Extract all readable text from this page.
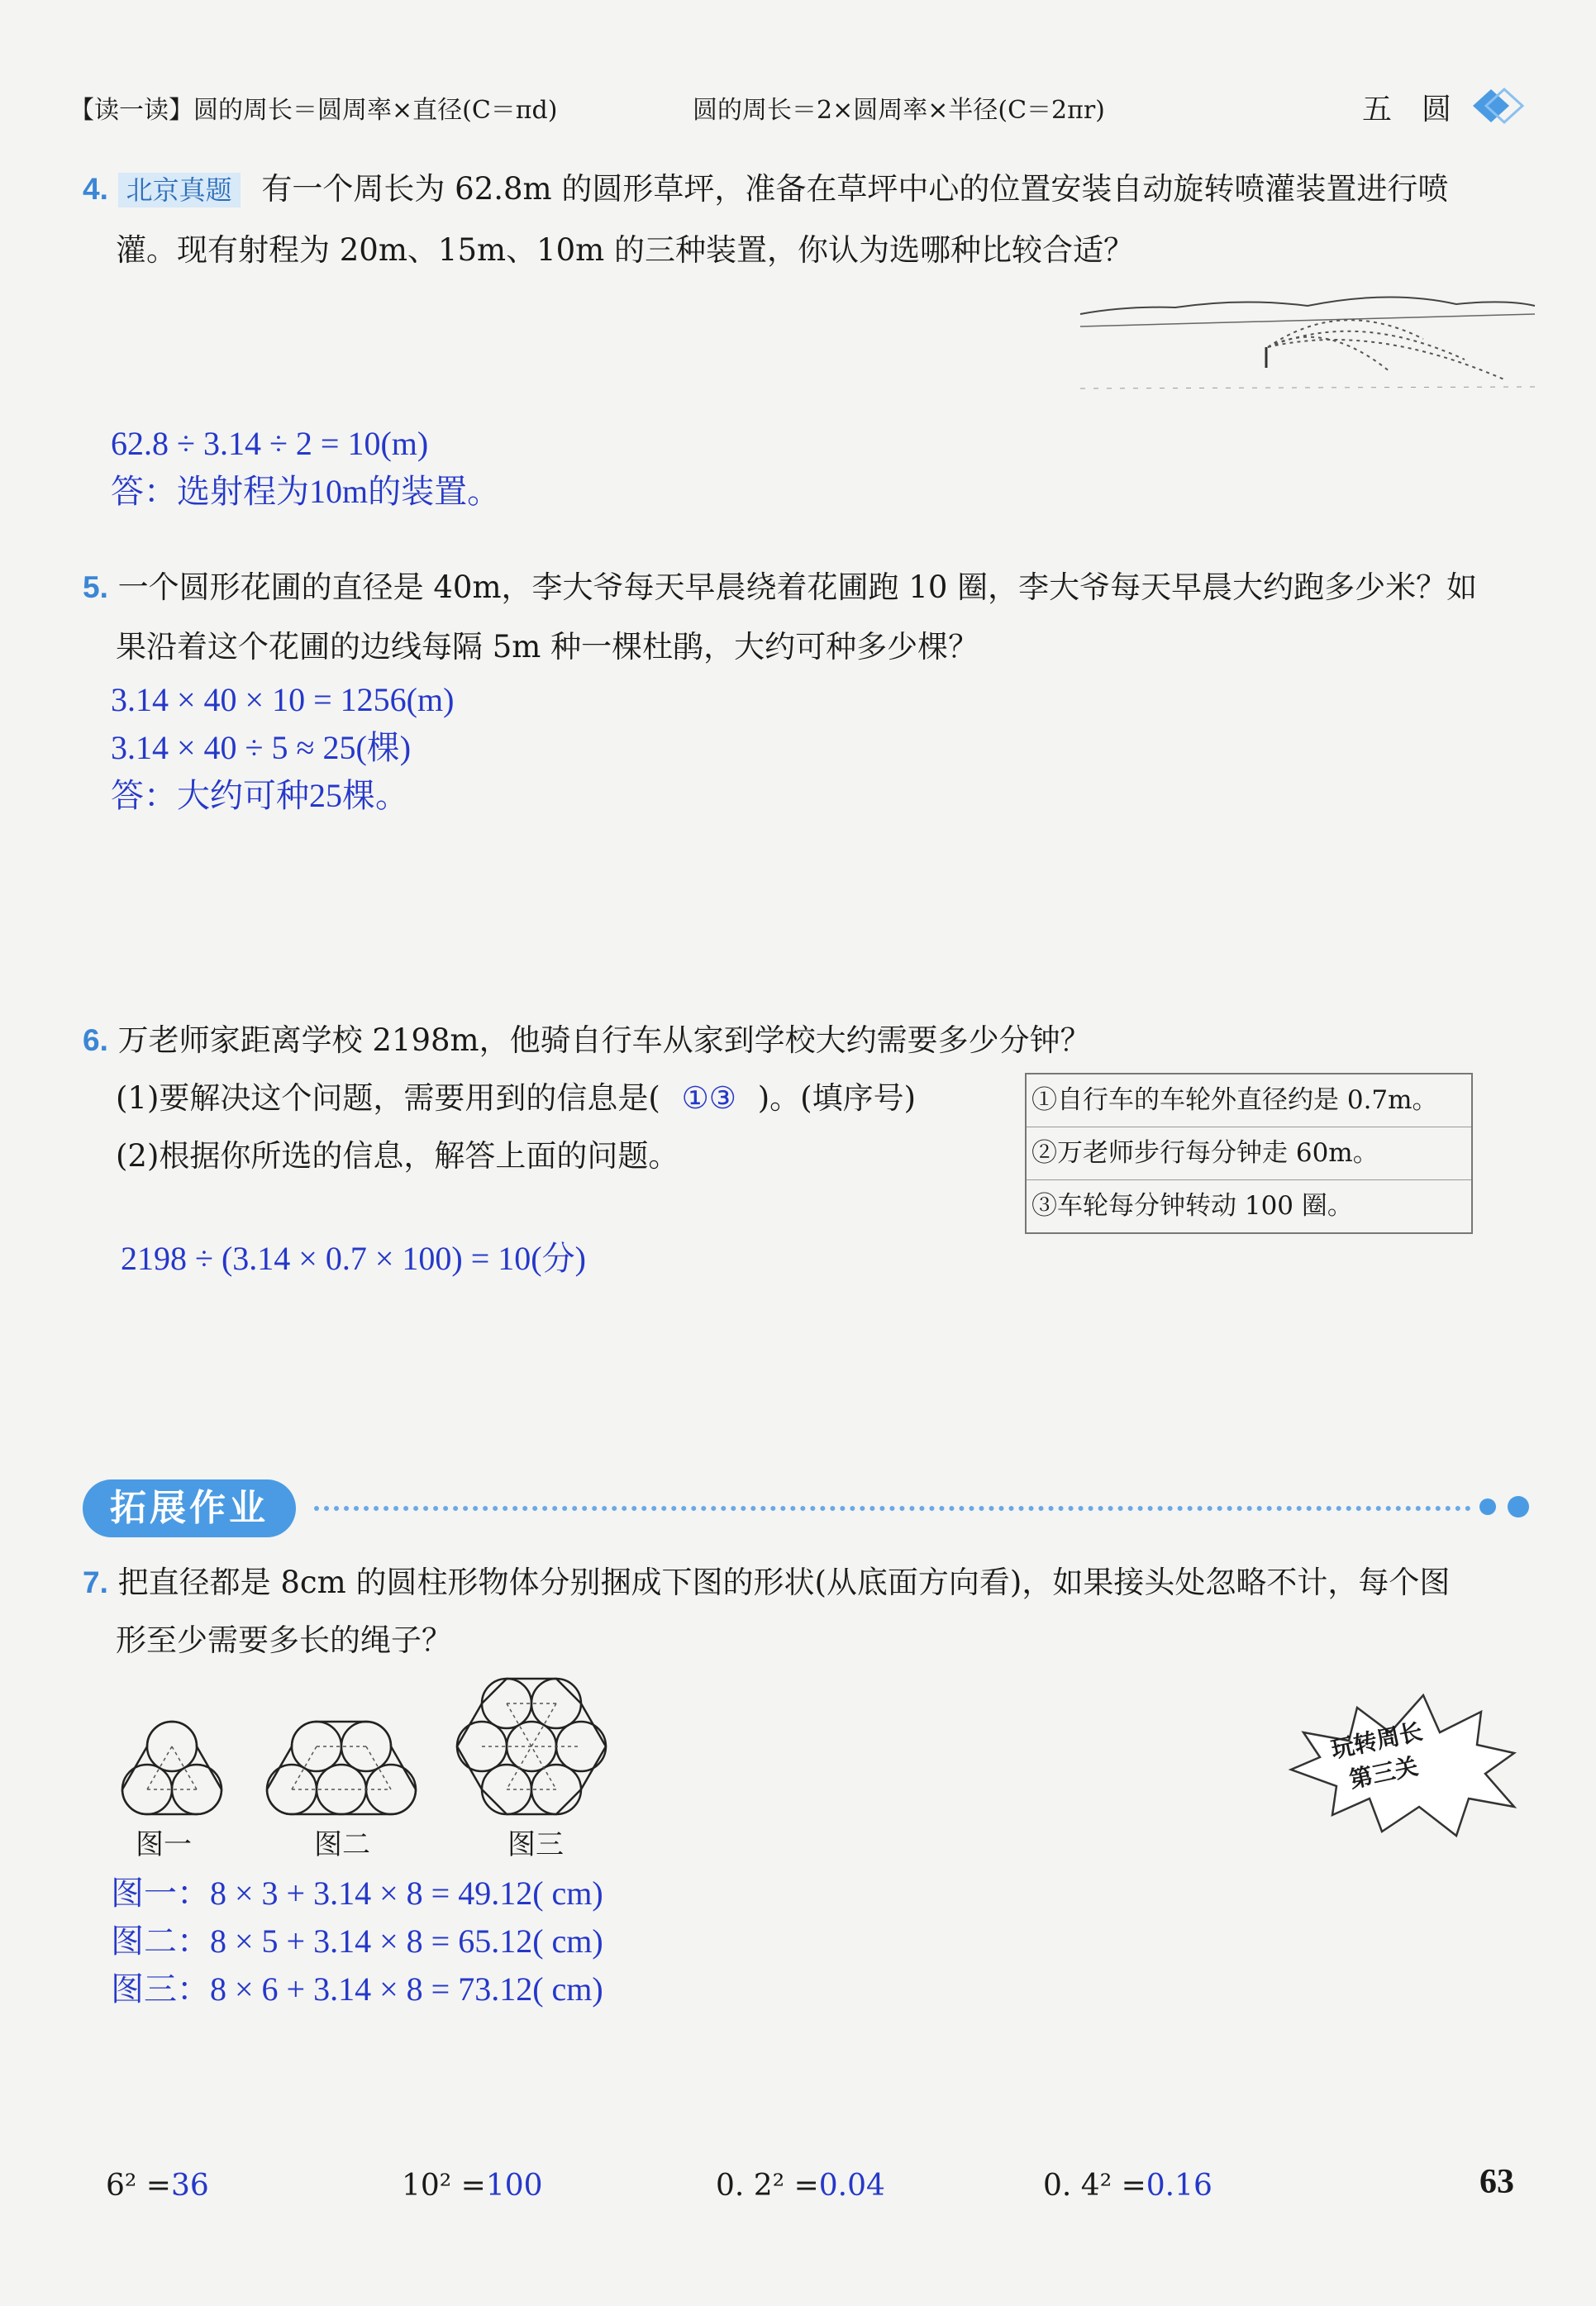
【读一读】圆的周长＝圆周率×直径(C＝πd)	圆的周长＝2×圆周率×半径(C＝2πr)	五　圆
4. 北京真题 有一个周长为 62.8m 的圆形草坪，准备在草坪中心的位置安装自动旋转喷灌装置进行喷
灌。现有射程为 20m、15m、10m 的三种装置，你认为选哪种比较合适？
62.8 ÷ 3.14 ÷ 2 = 10(m)
答：选射程为10m的装置。
5. 一个圆形花圃的直径是 40m，李大爷每天早晨绕着花圃跑 10 圈，李大爷每天早晨大约跑多少米？如
果沿着这个花圃的边线每隔 5m 种一棵杜鹃，大约可种多少棵？
3.14 × 40 × 10 = 1256(m)
3.14 × 40 ÷ 5 ≈ 25(棵)
答：大约可种25棵。
6. 万老师家距离学校 2198m，他骑自行车从家到学校大约需要多少分钟？
(1)要解决这个问题，需要用到的信息是( ①③ )。(填序号)
(2)根据你所选的信息，解答上面的问题。
①自行车的车轮外直径约是 0.7m。
②万老师步行每分钟走 60m。
③车轮每分钟转动 100 圈。
2198 ÷ (3.14 × 0.7 × 100) = 10(分)
拓展作业
7. 把直径都是 8cm 的圆柱形物体分别捆成下图的形状(从底面方向看)，如果接头处忽略不计，每个图
形至少需要多长的绳子？
图一	图二	图三
玩转周长
第三关
图一：8 × 3 + 3.14 × 8 = 49.12( cm)
图二：8 × 5 + 3.14 × 8 = 65.12( cm)
图三：8 × 6 + 3.14 × 8 = 73.12( cm)
6² =36	10² =100	0. 2² =0.04	0. 4² =0.16	63
